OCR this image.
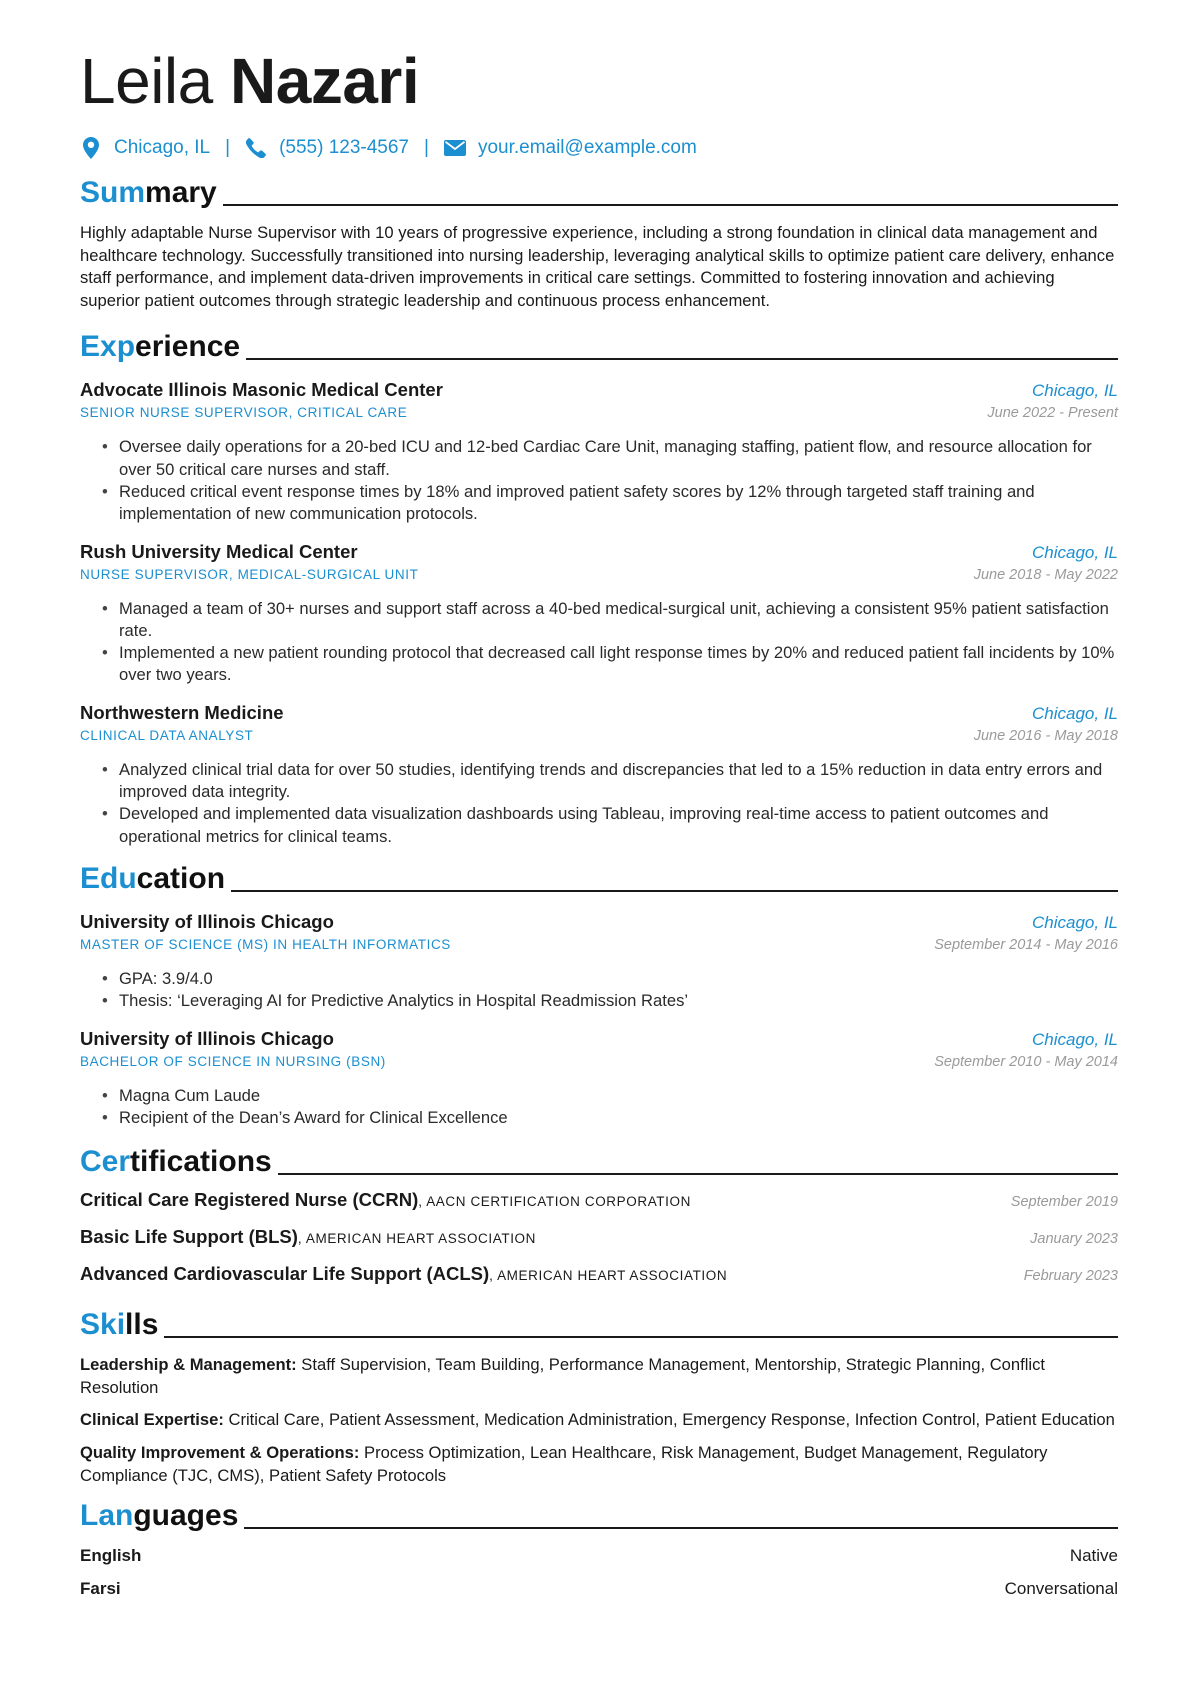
Leila Nazari
Chicago, IL |	(555) 123-4567 |	your.email@example.com
Summary

Highly adaptable Nurse Supervisor with 10 years of progressive experience, including a strong foundation in clinical data management and healthcare technology. Successfully transitioned into nursing leadership, leveraging analytical skills to optimize patient care delivery, enhance staff performance, and implement data-driven improvements in critical care settings. Committed to fostering innovation and achieving superior patient outcomes through strategic leadership and continuous process enhancement.

Experience
Advocate Illinois Masonic Medical Center	Chicago, IL
SENIOR NURSE SUPERVISOR, CRITICAL CARE	June 2022 - Present
• Oversee daily operations for a 20-bed ICU and 12-bed Cardiac Care Unit, managing staffing, patient flow, and resource allocation for over 50 critical care nurses and staff.
• Reduced critical event response times by 18% and improved patient safety scores by 12% through targeted staff training and implementation of new communication protocols.
Rush University Medical Center	Chicago, IL
NURSE SUPERVISOR, MEDICAL-SURGICAL UNIT	June 2018 - May 2022
• Managed a team of 30+ nurses and support staff across a 40-bed medical-surgical unit, achieving a consistent 95% patient satisfaction rate.
• Implemented a new patient rounding protocol that decreased call light response times by 20% and reduced patient fall incidents by 10% over two years.
Northwestern Medicine	Chicago, IL
CLINICAL DATA ANALYST	June 2016 - May 2018
• Analyzed clinical trial data for over 50 studies, identifying trends and discrepancies that led to a 15% reduction in data entry errors and improved data integrity.
• Developed and implemented data visualization dashboards using Tableau, improving real-time access to patient outcomes and operational metrics for clinical teams.
Education
University of Illinois Chicago	Chicago, IL
MASTER OF SCIENCE (MS) IN HEALTH INFORMATICS	September 2014 - May 2016
• GPA: 3.9/4.0
• Thesis: ‘Leveraging AI for Predictive Analytics in Hospital Readmission Rates’
University of Illinois Chicago	Chicago, IL
BACHELOR OF SCIENCE IN NURSING (BSN)	September 2010 - May 2014
• Magna Cum Laude
• Recipient of the Dean’s Award for Clinical Excellence
Certifications
Critical Care Registered Nurse (CCRN), AACN CERTIFICATION CORPORATION	September 2019
Basic Life Support (BLS), AMERICAN HEART ASSOCIATION	January 2023
Advanced Cardiovascular Life Support (ACLS), AMERICAN HEART ASSOCIATION	February 2023
Skills

Leadership & Management: Staff Supervision, Team Building, Performance Management, Mentorship, Strategic Planning, Conflict Resolution

Clinical Expertise: Critical Care, Patient Assessment, Medication Administration, Emergency Response, Infection Control, Patient Education

Quality Improvement & Operations: Process Optimization, Lean Healthcare, Risk Management, Budget Management, Regulatory Compliance (TJC, CMS), Patient Safety Protocols

Languages
English	Native
Farsi	Conversational
